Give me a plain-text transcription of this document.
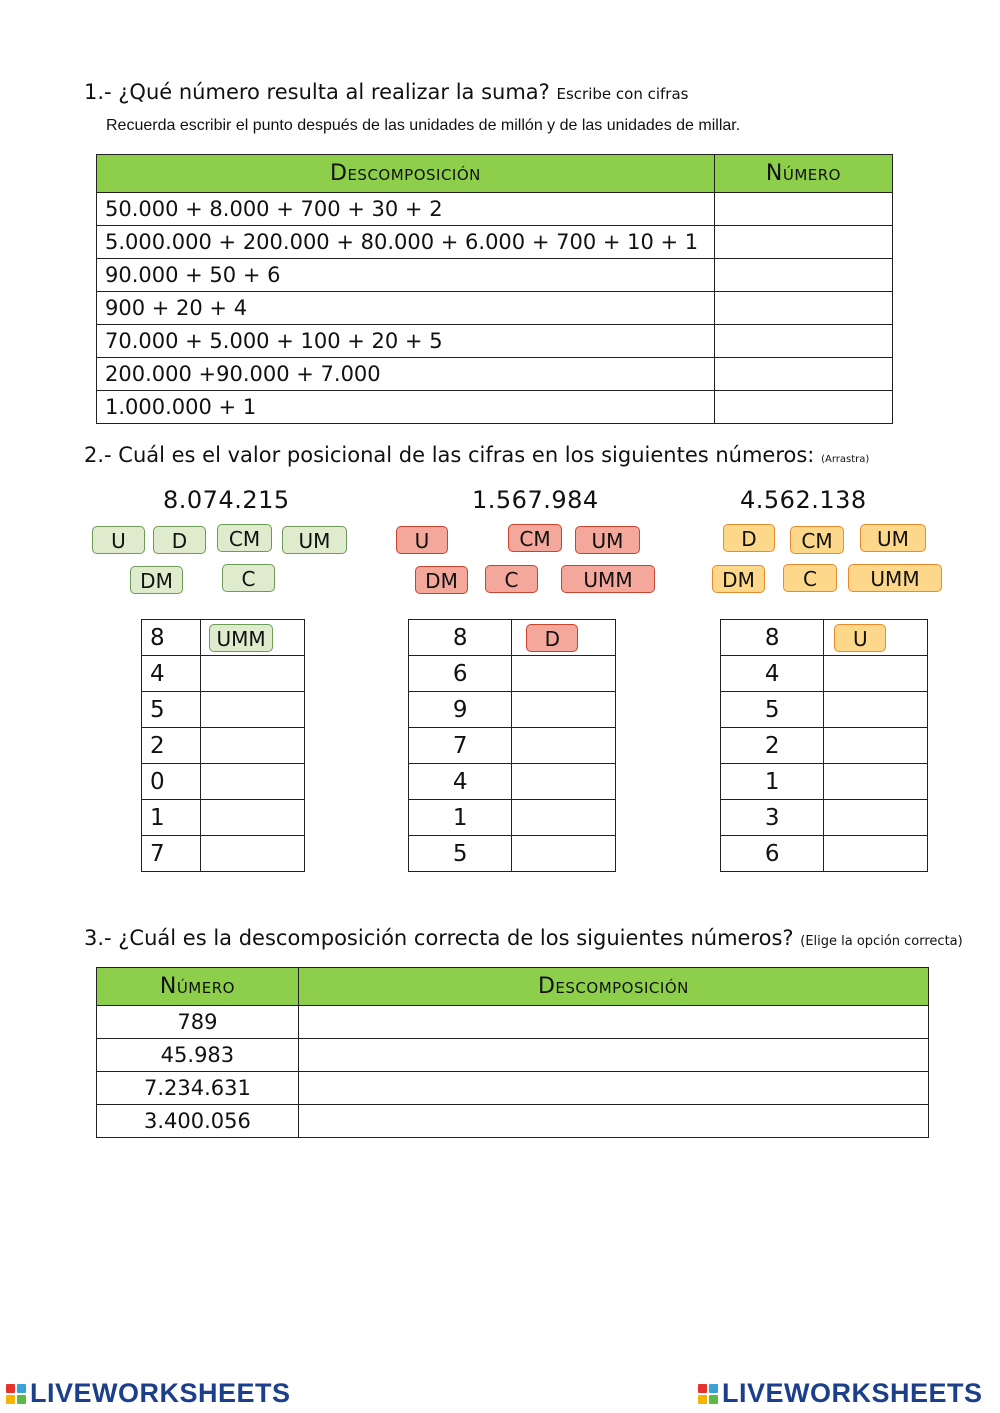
1.- ¿Qué número resulta al realizar la suma? Escribe con cifras
Recuerda escribir el punto después de las unidades de millón y de las unidades de millar.
Descomposición	Número
50.000 + 8.000 + 700 + 30 + 2	
5.000.000 + 200.000 + 80.000 + 6.000 + 700 + 10 + 1	
90.000 + 50 + 6	
900 + 20 + 4	
70.000 + 5.000 + 100 + 20 + 5	
200.000 +90.000 + 7.000	
1.000.000 + 1	
2.- Cuál es el valor posicional de las cifras en los siguientes números: (Arrastra)
8.074.215	1.567.984	4.562.138
U	D	CM	UM
DM	C
U	CM	UM
DM	C	UMM
D	CM	UM
DM	C	UMM
8	UMM
4	
5	
2	
0	
1	
7	
8	D
6	
9	
7	
4	
1	
5	
8	U
4	
5	
2	
1	
3	
6	
3.- ¿Cuál es la descomposición correcta de los siguientes números? (Elige la opción correcta)
Número	Descomposición
789	
45.983	
7.234.631	
3.400.056	
LIVEWORKSHEETS	LIVEWORKSHEETS
